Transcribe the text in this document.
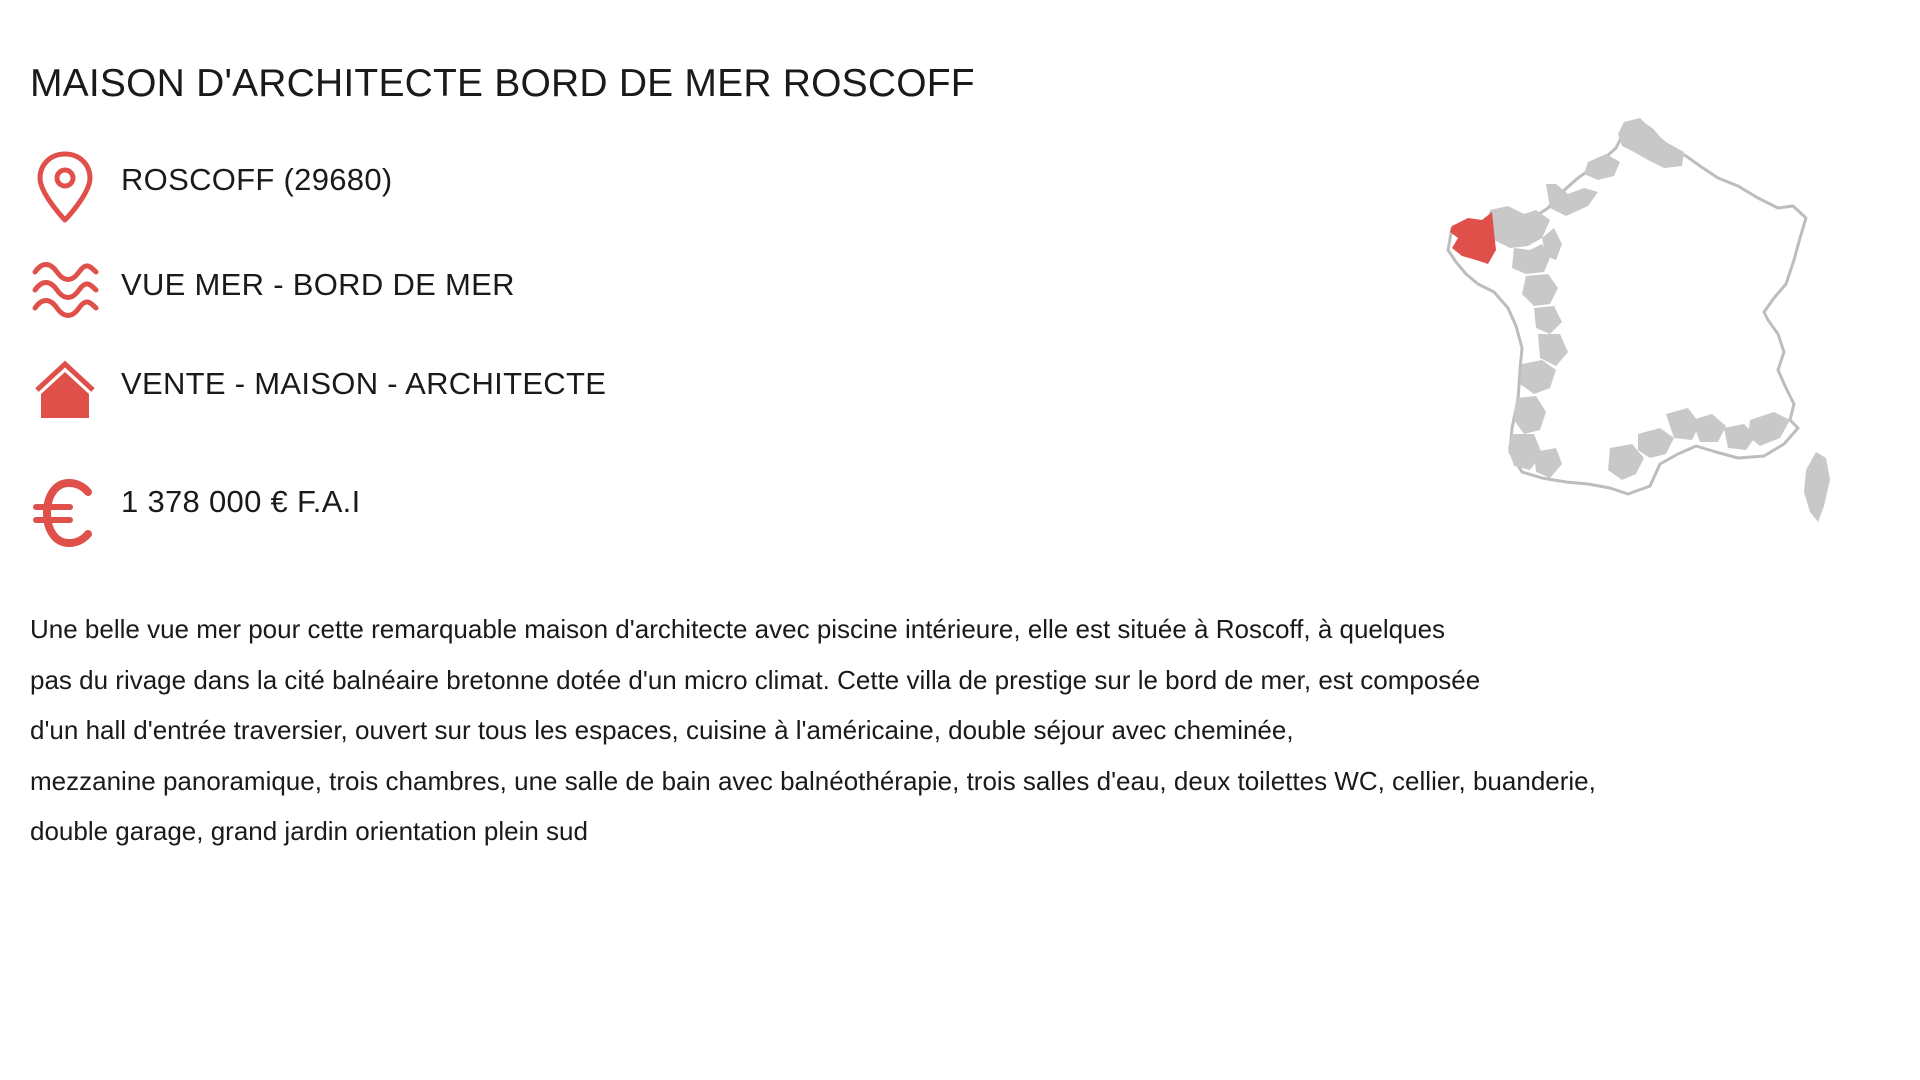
MAISON D'ARCHITECTE BORD DE MER ROSCOFF
ROSCOFF (29680)
VUE MER - BORD DE MER
VENTE - MAISON - ARCHITECTE
1 378 000 € F.A.I

Une belle vue mer pour cette remarquable maison d'architecte avec piscine intérieure, elle est située à Roscoff, à quelques
pas du rivage dans la cité balnéaire bretonne dotée d'un micro climat. Cette villa de prestige sur le bord de mer, est composée
d'un hall d'entrée traversier, ouvert sur tous les espaces, cuisine à l'américaine, double séjour avec cheminée,
mezzanine panoramique, trois chambres, une salle de bain avec balnéothérapie, trois salles d'eau, deux toilettes WC, cellier, buanderie,
double garage, grand jardin orientation plein sud
